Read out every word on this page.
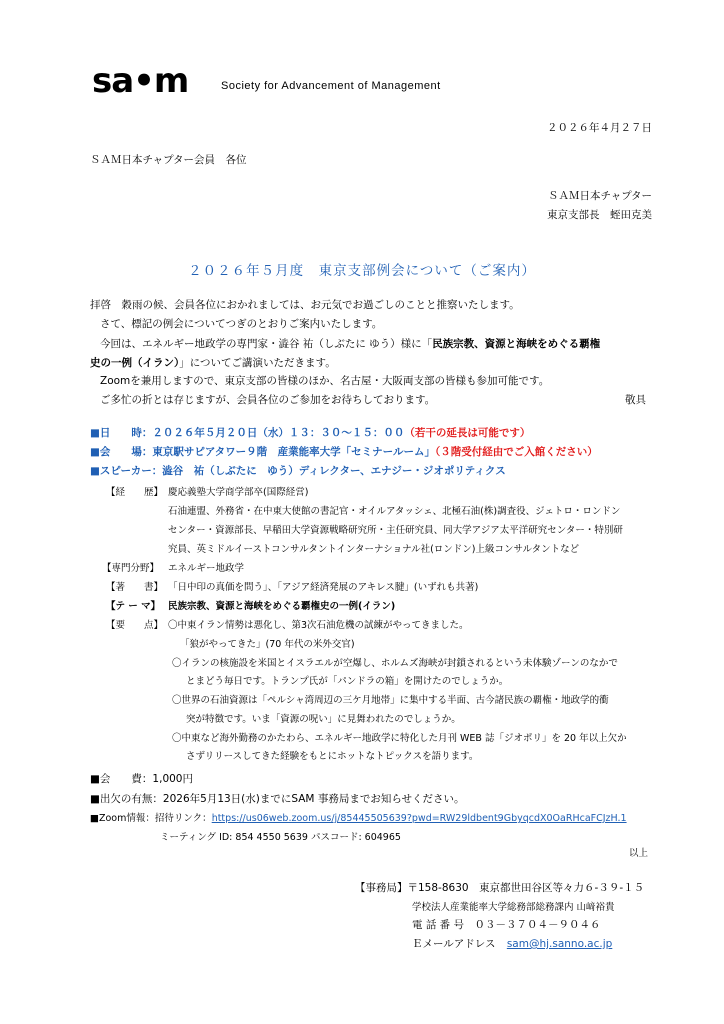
sa•m	Society for Advancement of Management
２０２６年４月２７日
ＳＡＭ日本チャプター会員　各位
ＳＡＭ日本チャプター
東京支部長　蛭田克美
２０２６年５月度　東京支部例会について（ご案内）
拝啓　穀雨の候、会員各位におかれましては、お元気でお過ごしのことと推察いたします。
さて、標記の例会についてつぎのとおりご案内いたします。
今回は、エネルギー地政学の専門家・澁谷 祐（しぶたに ゆう）様に「民族宗教、資源と海峡をめぐる覇権
史の一例（イラン）」についてご講演いただきます。
Zoomを兼用しますので、東京支部の皆様のほか、名古屋・大阪両支部の皆様も参加可能です。
ご多忙の折とは存じますが、会員各位のご参加をお待ちしております。	敬具
■日　　時：２０２６年５月２０日（水）１３：３０～１５：００（若干の延長は可能です）
■会　　場：東京駅サピアタワー９階　産業能率大学「セミナールーム」（３階受付経由でご入館ください）
■スピーカー：澁谷　祐（しぶたに　ゆう）ディレクター、エナジー・ジオポリティクス
【経　　歴】 慶応義塾大学商学部卒(国際経営)
石油連盟、外務省・在中東大使館の書記官・オイルアタッシェ、北極石油(株)調査役、ジェトロ・ロンドン
センター・資源部長、早稲田大学資源戦略研究所・主任研究員、同大学アジア太平洋研究センター・特別研
究員、英ミドルイーストコンサルタントインターナショナル社(ロンドン)上級コンサルタントなど
【専門分野】 エネルギー地政学
【著　　書】 「日中印の真価を問う」、「アジア経済発展のアキレス腱」(いずれも共著)
【テ ー マ】 民族宗教、資源と海峡をめぐる覇権史の一例(イラン)
【要　　点】 〇中東イラン情勢は悪化し、第3次石油危機の試練がやってきました。
「狼がやってきた」(70 年代の米外交官)
〇イランの核施設を米国とイスラエルが空爆し、ホルムズ海峡が封鎖されるという未体験ゾーンのなかで
とまどう毎日です。トランプ氏が「パンドラの箱」を開けたのでしょうか。
〇世界の石油資源は「ペルシャ湾周辺の三ケ月地帯」に集中する半面、古今諸民族の覇権・地政学的衝
突が特徴です。いま「資源の呪い」に見舞われたのでしょうか。
〇中東など海外勤務のかたわら、エネルギー地政学に特化した月刊 WEB 誌「ジオポリ」を 20 年以上欠か
さずリリースしてきた経験をもとにホットなトピックスを語ります。
■会　　費：1,000円
■出欠の有無：2026年5月13日(水)までにSAM 事務局までお知らせください。
■Zoom情報：招待リンク：https://us06web.zoom.us/j/85445505639?pwd=RW29ldbent9GbyqcdX0OaRHcaFCJzH.1
ミーティング ID: 854 4550 5639 パスコード: 604965
以上
【事務局】〒158-8630　東京都世田谷区等々力６-３９-１５
学校法人産業能率大学総務部総務課内 山﨑裕貴
電 話 番 号　０３－３７０４－９０４６
Ｅメールアドレス sam@hj.sanno.ac.jp
